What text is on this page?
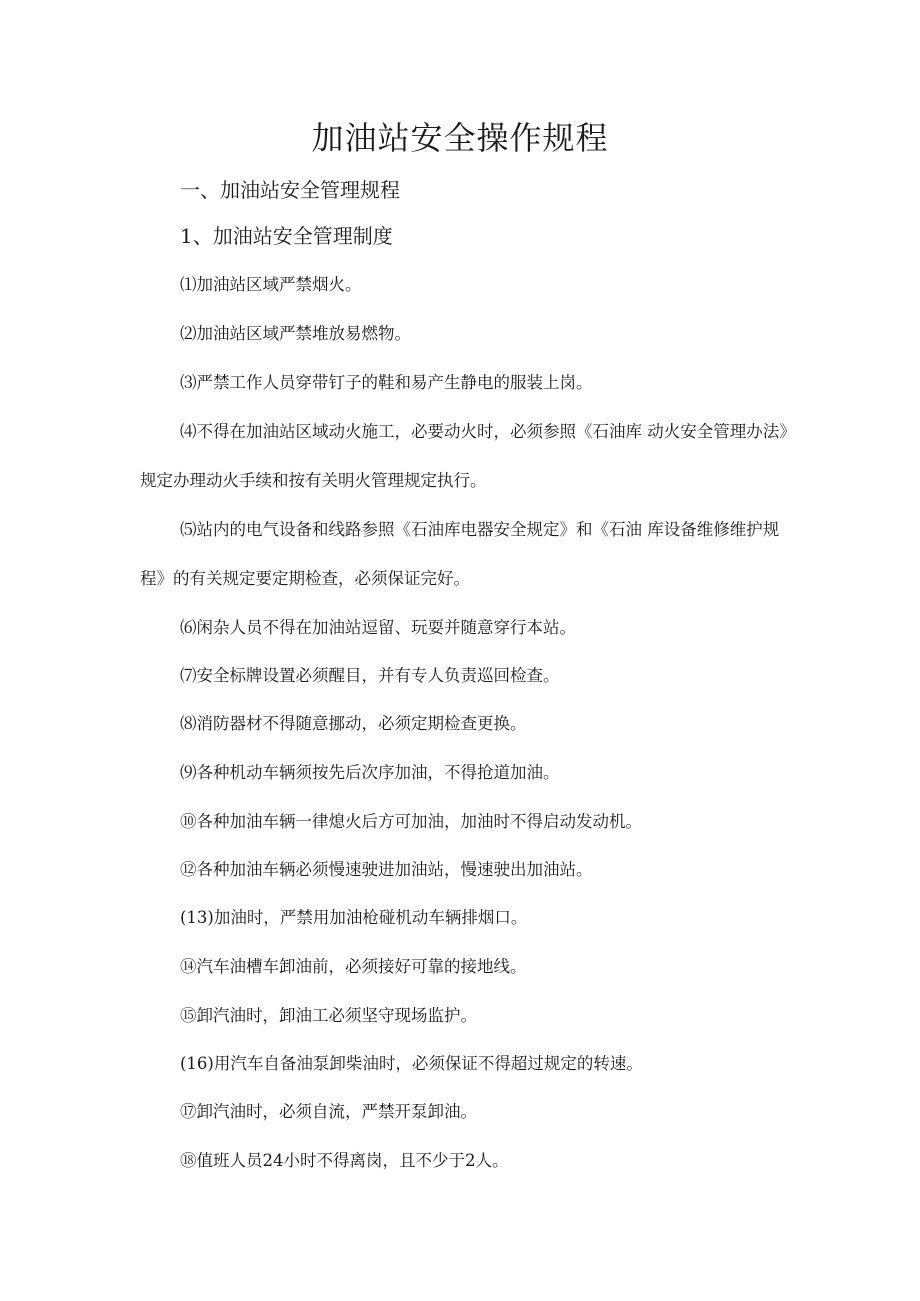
加油站安全操作规程
一、加油站安全管理规程
1、加油站安全管理制度

⑴加油站区域严禁烟火。

⑵加油站区域严禁堆放易燃物。

⑶严禁工作人员穿带钉子的鞋和易产生静电的服装上岗。

⑷不得在加油站区域动火施工，必要动火时，必须参照《石油库 动火安全管理办法》规定办理动火手续和按有关明火管理规定执行。

⑸站内的电气设备和线路参照《石油库电器安全规定》和《石油 库设备维修维护规程》的有关规定要定期检查，必须保证完好。

⑹闲杂人员不得在加油站逗留、玩耍并随意穿行本站。

⑺安全标牌设置必须醒目，并有专人负责巡回检查。

⑻消防器材不得随意挪动，必须定期检查更换。

⑼各种机动车辆须按先后次序加油，不得抢道加油。

⑩各种加油车辆一律熄火后方可加油，加油时不得启动发动机。

⑫各种加油车辆必须慢速驶进加油站，慢速驶出加油站。

(13)加油时，严禁用加油枪碰机动车辆排烟口。

⑭汽车油槽车卸油前，必须接好可靠的接地线。

⑮卸汽油时，卸油工必须坚守现场监护。

(16)用汽车自备油泵卸柴油时，必须保证不得超过规定的转速。

⑰卸汽油时，必须自流，严禁开泵卸油。

⑱值班人员24小时不得离岗，且不少于2人。
